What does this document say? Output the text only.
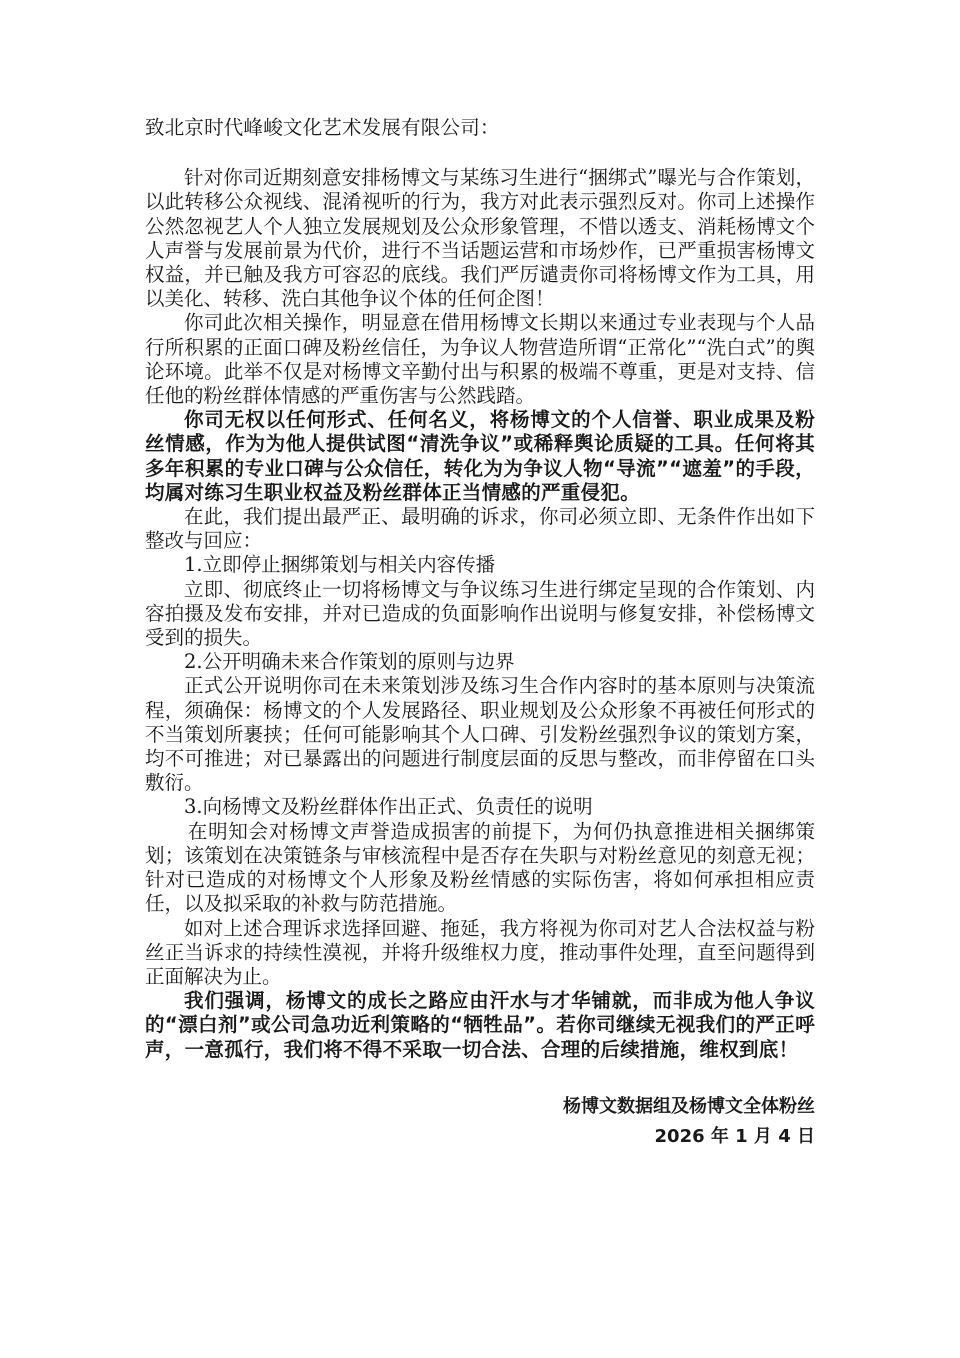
致北京时代峰峻文化艺术发展有限公司：
针对你司近期刻意安排杨博文与某练习生进行“捆绑式”曝光与合作策划，以此转移公众视线、混淆视听的行为，我方对此表示强烈反对。你司上述操作公然忽视艺人个人独立发展规划及公众形象管理，不惜以透支、消耗杨博文个人声誉与发展前景为代价，进行不当话题运营和市场炒作，已严重损害杨博文权益，并已触及我方可容忍的底线。我们严厉谴责你司将杨博文作为工具，用以美化、转移、洗白其他争议个体的任何企图！
你司此次相关操作，明显意在借用杨博文长期以来通过专业表现与个人品行所积累的正面口碑及粉丝信任，为争议人物营造所谓“正常化”“洗白式”的舆论环境。此举不仅是对杨博文辛勤付出与积累的极端不尊重，更是对支持、信任他的粉丝群体情感的严重伤害与公然践踏。
你司无权以任何形式、任何名义，将杨博文的个人信誉、职业成果及粉丝情感，作为为他人提供试图“清洗争议”或稀释舆论质疑的工具。任何将其多年积累的专业口碑与公众信任，转化为为争议人物“导流”“遮羞”的手段，均属对练习生职业权益及粉丝群体正当情感的严重侵犯。
在此，我们提出最严正、最明确的诉求，你司必须立即、无条件作出如下整改与回应：
1.立即停止捆绑策划与相关内容传播
立即、彻底终止一切将杨博文与争议练习生进行绑定呈现的合作策划、内容拍摄及发布安排，并对已造成的负面影响作出说明与修复安排，补偿杨博文受到的损失。
2.公开明确未来合作策划的原则与边界
正式公开说明你司在未来策划涉及练习生合作内容时的基本原则与决策流程，须确保：杨博文的个人发展路径、职业规划及公众形象不再被任何形式的不当策划所裹挟；任何可能影响其个人口碑、引发粉丝强烈争议的策划方案，均不可推进；对已暴露出的问题进行制度层面的反思与整改，而非停留在口头敷衍。
3.向杨博文及粉丝群体作出正式、负责任的说明
在明知会对杨博文声誉造成损害的前提下，为何仍执意推进相关捆绑策划；该策划在决策链条与审核流程中是否存在失职与对粉丝意见的刻意无视；针对已造成的对杨博文个人形象及粉丝情感的实际伤害，将如何承担相应责任，以及拟采取的补救与防范措施。
如对上述合理诉求选择回避、拖延，我方将视为你司对艺人合法权益与粉丝正当诉求的持续性漠视，并将升级维权力度，推动事件处理，直至问题得到正面解决为止。
我们强调，杨博文的成长之路应由汗水与才华铺就，而非成为他人争议的“漂白剂”或公司急功近利策略的“牺牲品”。若你司继续无视我们的严正呼声，一意孤行，我们将不得不采取一切合法、合理的后续措施，维权到底！
杨博文数据组及杨博文全体粉丝
2026 年 1 月 4 日
